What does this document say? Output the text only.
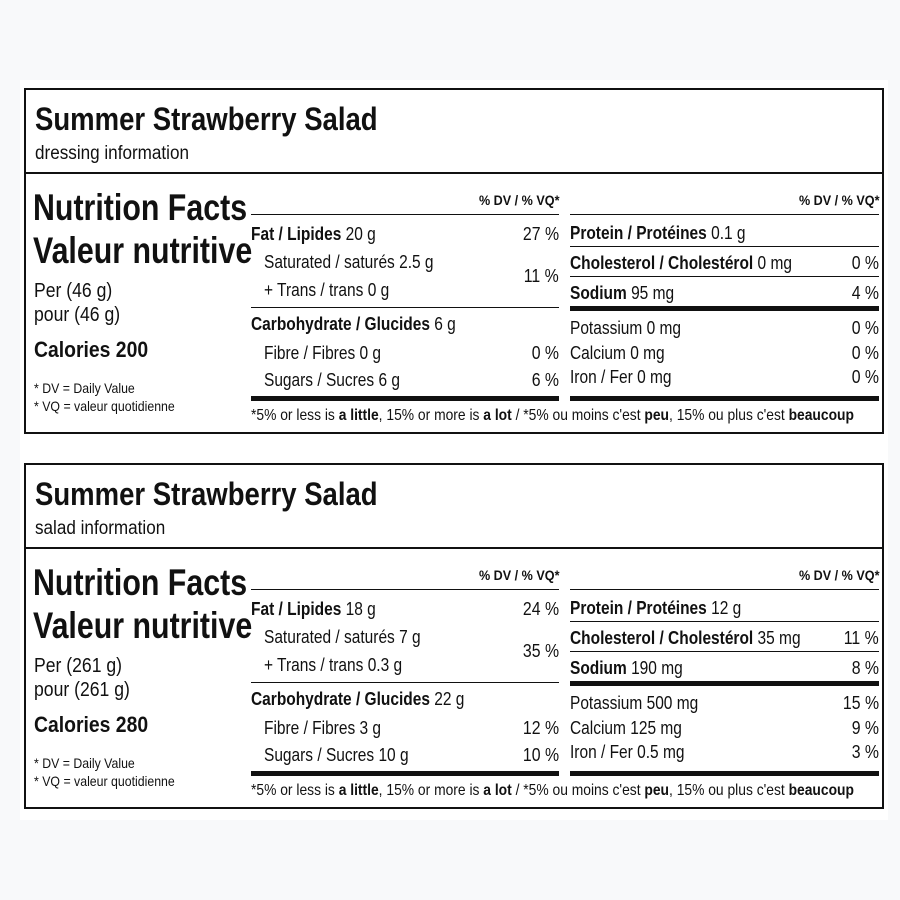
Summer Strawberry Salad
dressing information
Nutrition Facts
Valeur nutritive
Per (46 g)
pour (46 g)
Calories 200
* DV = Daily Value
* VQ = valeur quotidienne
% DV / % VQ*
Fat / Lipides 20 g	27 %
Saturated / saturés 2.5 g
+ Trans / trans 0 g
11 %
Carbohydrate / Glucides 6 g
Fibre / Fibres 0 g	0 %
Sugars / Sucres 6 g	6 %
% DV / % VQ*
Protein / Protéines 0.1 g
Cholesterol / Cholestérol 0 mg	0 %
Sodium 95 mg	4 %
Potassium 0 mg	0 %
Calcium 0 mg	0 %
Iron / Fer 0 mg	0 %
*5% or less is a little, 15% or more is a lot / *5% ou moins c'est peu, 15% ou plus c'est beaucoup
Summer Strawberry Salad
salad information
Nutrition Facts
Valeur nutritive
Per (261 g)
pour (261 g)
Calories 280
* DV = Daily Value
* VQ = valeur quotidienne
% DV / % VQ*
Fat / Lipides 18 g	24 %
Saturated / saturés 7 g
+ Trans / trans 0.3 g
35 %
Carbohydrate / Glucides 22 g
Fibre / Fibres 3 g	12 %
Sugars / Sucres 10 g	10 %
% DV / % VQ*
Protein / Protéines 12 g
Cholesterol / Cholestérol 35 mg 11 %
Sodium 190 mg	8 %
Potassium 500 mg	15 %
Calcium 125 mg	9 %
Iron / Fer 0.5 mg	3 %
*5% or less is a little, 15% or more is a lot / *5% ou moins c'est peu, 15% ou plus c'est beaucoup
